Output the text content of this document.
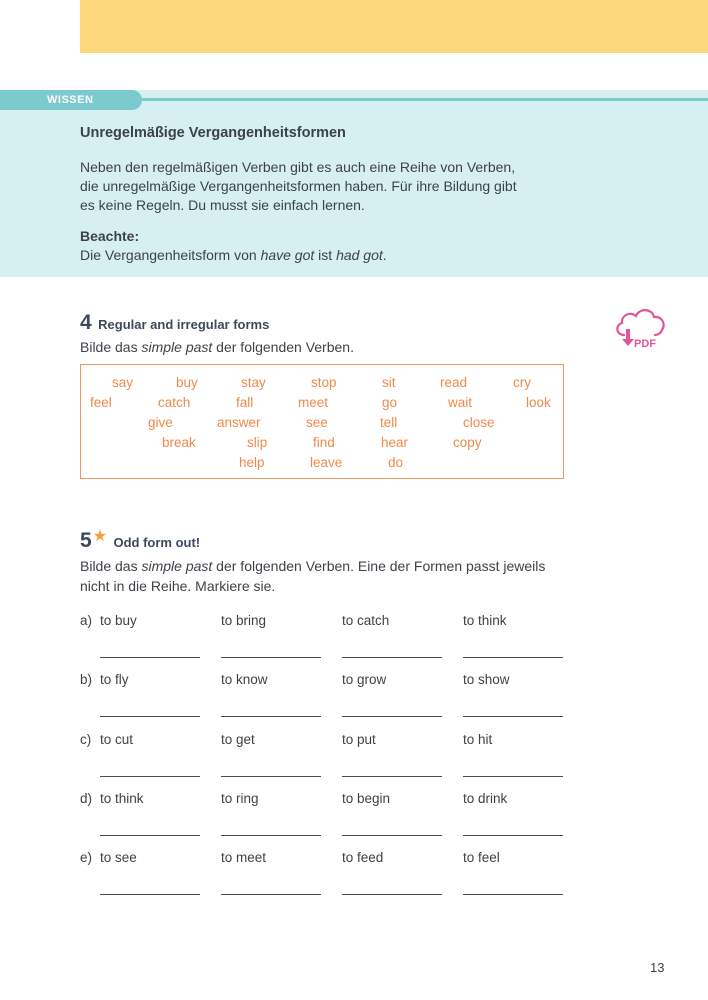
WISSEN

Unregelmäßige Vergangenheitsformen

Neben den regelmäßigen Verben gibt es auch eine Reihe von Verben,
die unregelmäßige Vergangenheitsformen haben. Für ihre Bildung gibt
es keine Regeln. Du musst sie einfach lernen.

Beachte:
Die Vergangenheitsform von have got ist had got.

4 Regular and irregular forms

Bilde das simple past der folgenden Verben.	PDF
say	buy	stay	stop	sit	read	cry
feel	catch	fall	meet	go	wait	look
give	answer	see	tell	close
break	slip	find	hear	copy
help	leave	do
5★ Odd form out!

Bilde das simple past der folgenden Verben. Eine der Formen passt jeweils
nicht in die Reihe. Markiere sie.

a) to buy	to bring	to catch	to think
b) to fly	to know	to grow	to show
c) to cut	to get	to put	to hit
d) to think	to ring	to begin	to drink
e) to see	to meet	to feed	to feel
13
